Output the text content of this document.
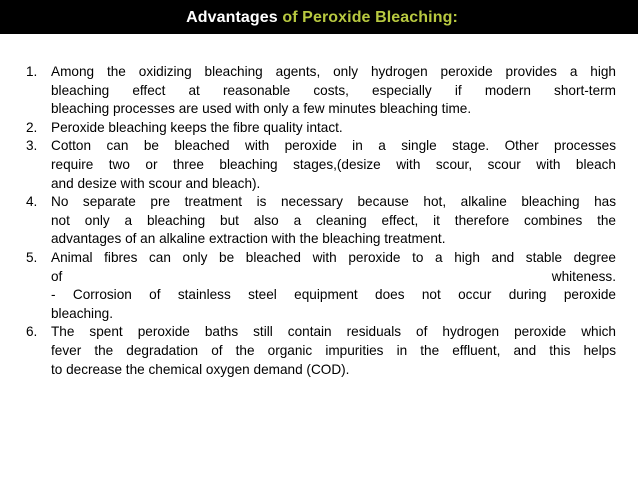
Advantages of Peroxide Bleaching:
1. Among the oxidizing bleaching agents, only hydrogen peroxide provides a high
bleaching effect at reasonable costs, especially if modern short-term
bleaching processes are used with only a few minutes bleaching time.
2. Peroxide bleaching keeps the fibre quality intact.
3. Cotton can be bleached with peroxide in a single stage. Other processes
require two or three bleaching stages,(desize with scour, scour with bleach
and desize with scour and bleach).
4. No separate pre treatment is necessary because hot, alkaline bleaching has
not only a bleaching but also a cleaning effect, it therefore combines the
advantages of an alkaline extraction with the bleaching treatment.
5. Animal fibres can only be bleached with peroxide to a high and stable degree
of whiteness.
- Corrosion of stainless steel equipment does not occur during peroxide
bleaching.
6. The spent peroxide baths still contain residuals of hydrogen peroxide which
fever the degradation of the organic impurities in the effluent, and this helps
to decrease the chemical oxygen demand (COD).
